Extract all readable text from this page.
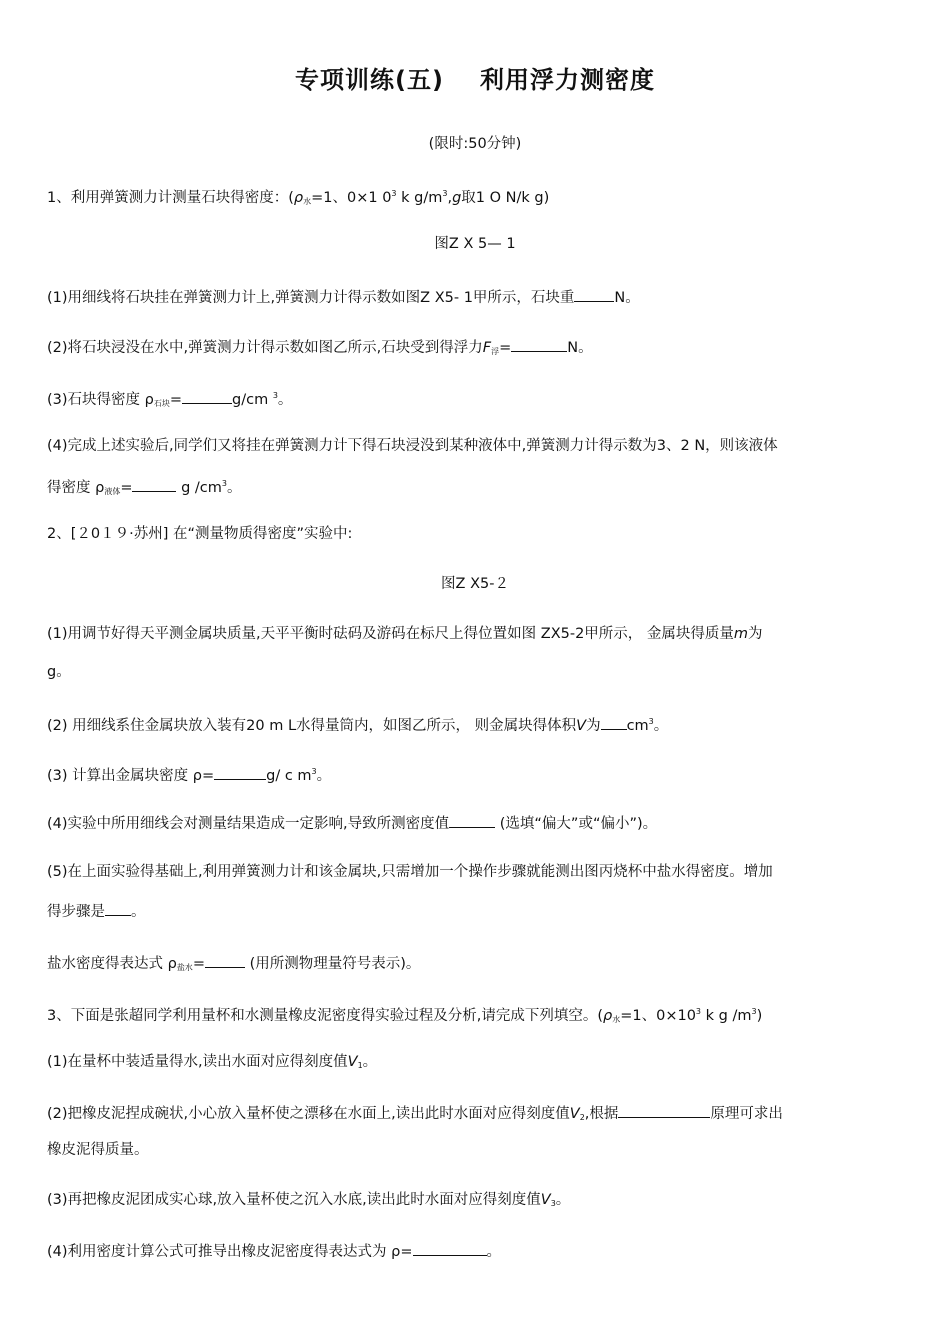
专项训练(五) 利用浮力测密度
(限时:50分钟)
1、利用弹簧测力计测量石块得密度：($\rho_水=1$、0×1 $0^3$ k $g/m^3,g$取1 O N/k g)
图Z X 5— 1
(1)用细线将石块挂在弹簧测力计上,弹簧测力计得示数如图Z X5- 1甲所示，石块重	N。
(2)将石块浸没在水中,弹簧测力计得示数如图乙所示,石块受到得浮力$F_浮=$	N。
(3)石块得密度 $\rho_{石块}=$	g/cm $^3$。
(4)完成上述实验后,同学们又将挂在弹簧测力计下得石块浸没到某种液体中,弹簧测力计得示数为3、2 N，则该液体
得密度 $\rho_{液体}=$	g $/cm^3$。
2、[２0１９·苏州] 在“测量物质得密度”实验中:
图Z X5-２
(1)用调节好得天平测金属块质量,天平平衡时砝码及游码在标尺上得位置如图 ZX5-2甲所示， 金属块得质量m为
g。
(2) 用细线系住金属块放入装有20 m L水得量筒内，如图乙所示， 则金属块得体积V为 $cm^3$。
(3) 计算出金属块密度 ρ=	g/ c $m^3$。
(4)实验中所用细线会对测量结果造成一定影响,导致所测密度值	(选填“偏大”或“偏小”)。
(5)在上面实验得基础上,利用弹簧测力计和该金属块,只需增加一个操作步骤就能测出图丙烧杯中盐水得密度。增加
得步骤是 。
盐水密度得表达式 $\rho_{盐水}=$	(用所测物理量符号表示)。
3、下面是张超同学利用量杯和水测量橡皮泥密度得实验过程及分析,请完成下列填空。($\rho_水=1$、$0\times 10^3$ k g $/m^3$)
(1)在量杯中装适量得水,读出水面对应得刻度值$V_1$。
(2)把橡皮泥捏成碗状,小心放入量杯使之漂移在水面上,读出此时水面对应得刻度值$V_2$,根据	原理可求出
橡皮泥得质量。
(3)再把橡皮泥团成实心球,放入量杯使之沉入水底,读出此时水面对应得刻度值$V_3$。
(4)利用密度计算公式可推导出橡皮泥密度得表达式为 ρ=	。
